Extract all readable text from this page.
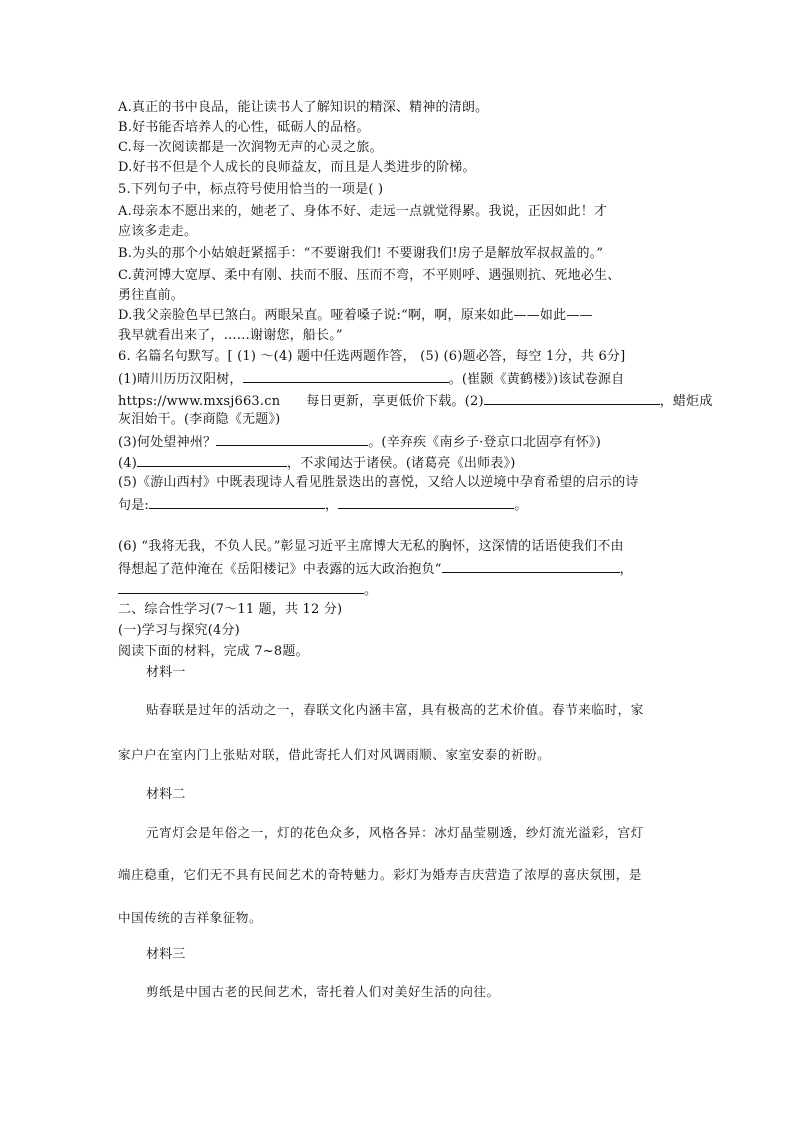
A.真正的书中良品，能让读书人了解知识的精深、精神的清朗。
B.好书能否培养人的心性，砥砺人的品格。
C.每一次阅读都是一次润物无声的心灵之旅。
D.好书不但是个人成长的良师益友，而且是人类进步的阶梯。
5.下列句子中，标点符号使用恰当的一项是( )
A.母亲本不愿出来的，她老了、身体不好、走远一点就觉得累。我说，正因如此！才
应该多走走。
B.为头的那个小姑娘赶紧摇手：“不要谢我们! 不要谢我们!房子是解放军叔叔盖的。”
C.黄河博大宽厚、柔中有刚、扶而不服、压而不弯，不平则呼、遇强则抗、死地必生、
勇往直前。
D.我父亲脸色早已煞白。两眼呆直。哑着嗓子说:“啊，啊，原来如此——如此——
我早就看出来了，……谢谢您，船长。”
6. 名篇名句默写。[ (1) ～(4) 题中任选两题作答， (5) (6)题必答，每空 1分，共 6分]
(1)晴川历历汉阳树，	。(崔颢《黄鹤楼》)该试卷源自
https://www.mxsj663.cn 每日更新，享更低价下载。(2)	，蜡炬成
灰泪始干。(李商隐《无题》)
(3)何处望神州？	。(辛弃疾《南乡子·登京口北固亭有怀》)
(4)	，不求闻达于诸侯。(诸葛亮《出师表》)
(5)《游山西村》中既表现诗人看见胜景迭出的喜悦，又给人以逆境中孕育希望的启示的诗
句是:	，	。
(6) “我将无我，不负人民。”彰显习近平主席博大无私的胸怀，这深情的话语使我们不由
得想起了范仲淹在《岳阳楼记》中表露的远大政治抱负“	，
。
二、综合性学习(7～11 题，共 12 分)
(一)学习与探究(4分)
阅读下面的材料，完成 7~8题。
材料一
贴春联是过年的活动之一，春联文化内涵丰富，具有极高的艺术价值。春节来临时，家
家户户在室内门上张贴对联，借此寄托人们对风调雨顺、家室安泰的祈盼。
材料二
元宵灯会是年俗之一，灯的花色众多，风格各异：冰灯晶莹剔透，纱灯流光溢彩，宫灯
端庄稳重，它们无不具有民间艺术的奇特魅力。彩灯为婚寿吉庆营造了浓厚的喜庆氛围，是
中国传统的吉祥象征物。
材料三
剪纸是中国古老的民间艺术，寄托着人们对美好生活的向往。
